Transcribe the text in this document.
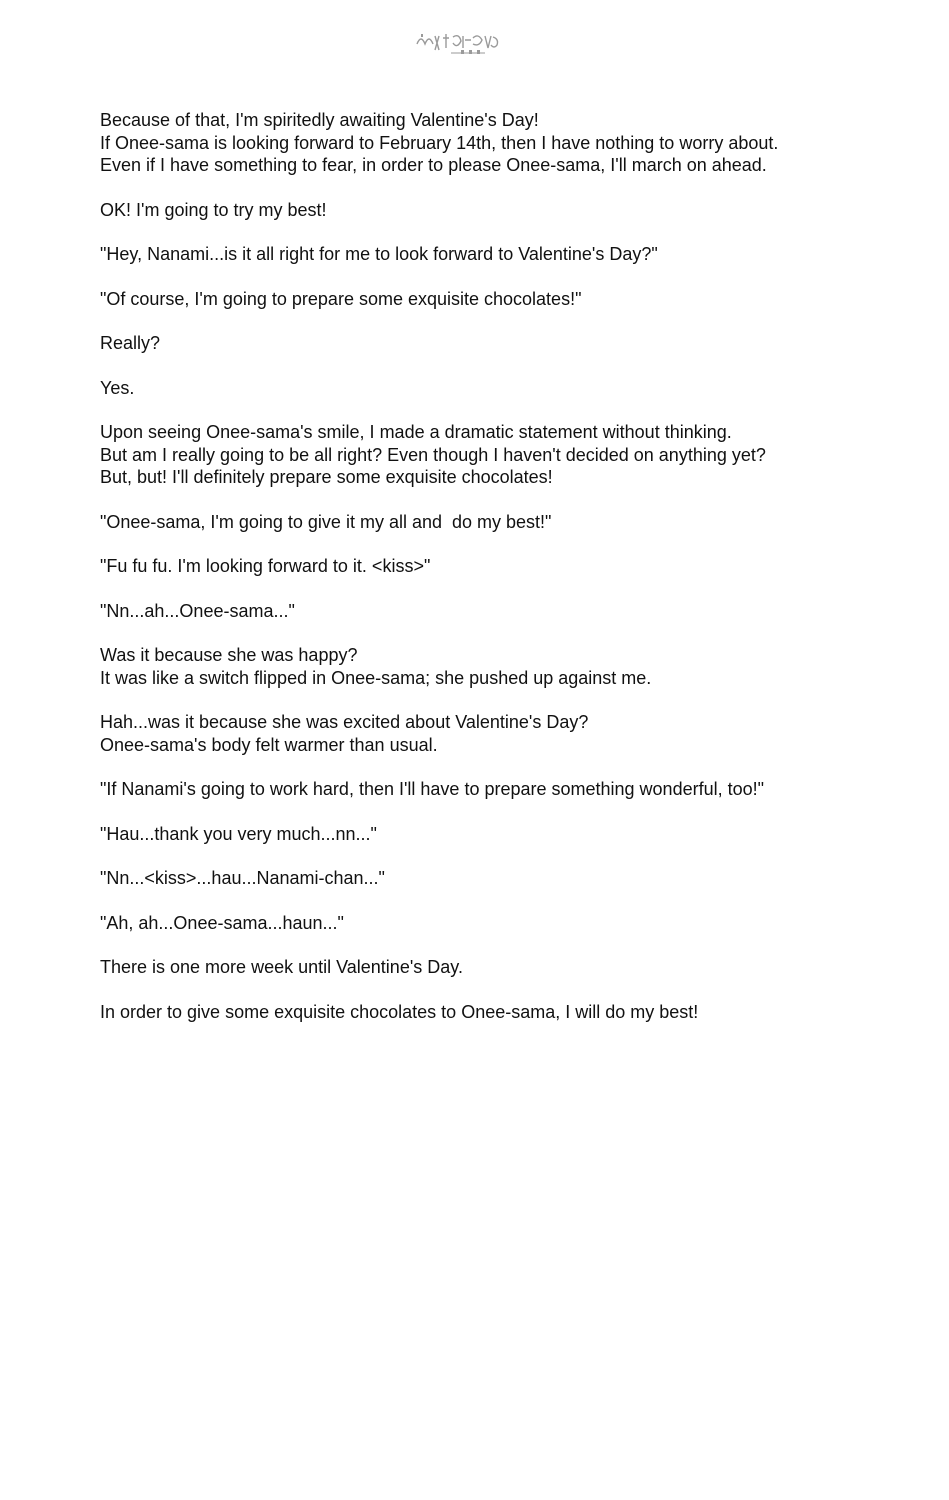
Because of that, I'm spiritedly awaiting Valentine's Day!
If Onee-sama is looking forward to February 14th, then I have nothing to worry about.
Even if I have something to fear, in order to please Onee-sama, I'll march on ahead.
OK! I'm going to try my best!
"Hey, Nanami...is it all right for me to look forward to Valentine's Day?"
"Of course, I'm going to prepare some exquisite chocolates!"
Really?
Yes.
Upon seeing Onee-sama's smile, I made a dramatic statement without thinking.
But am I really going to be all right? Even though I haven't decided on anything yet?
But, but! I'll definitely prepare some exquisite chocolates!
"Onee-sama, I'm going to give it my all and  do my best!"
"Fu fu fu. I'm looking forward to it. <kiss>"
"Nn...ah...Onee-sama..."
Was it because she was happy?
It was like a switch flipped in Onee-sama; she pushed up against me.
Hah...was it because she was excited about Valentine's Day?
Onee-sama's body felt warmer than usual.
"If Nanami's going to work hard, then I'll have to prepare something wonderful, too!"
"Hau...thank you very much...nn..."
"Nn...<kiss>...hau...Nanami-chan..."
"Ah, ah...Onee-sama...haun..."
There is one more week until Valentine's Day.
In order to give some exquisite chocolates to Onee-sama, I will do my best!
